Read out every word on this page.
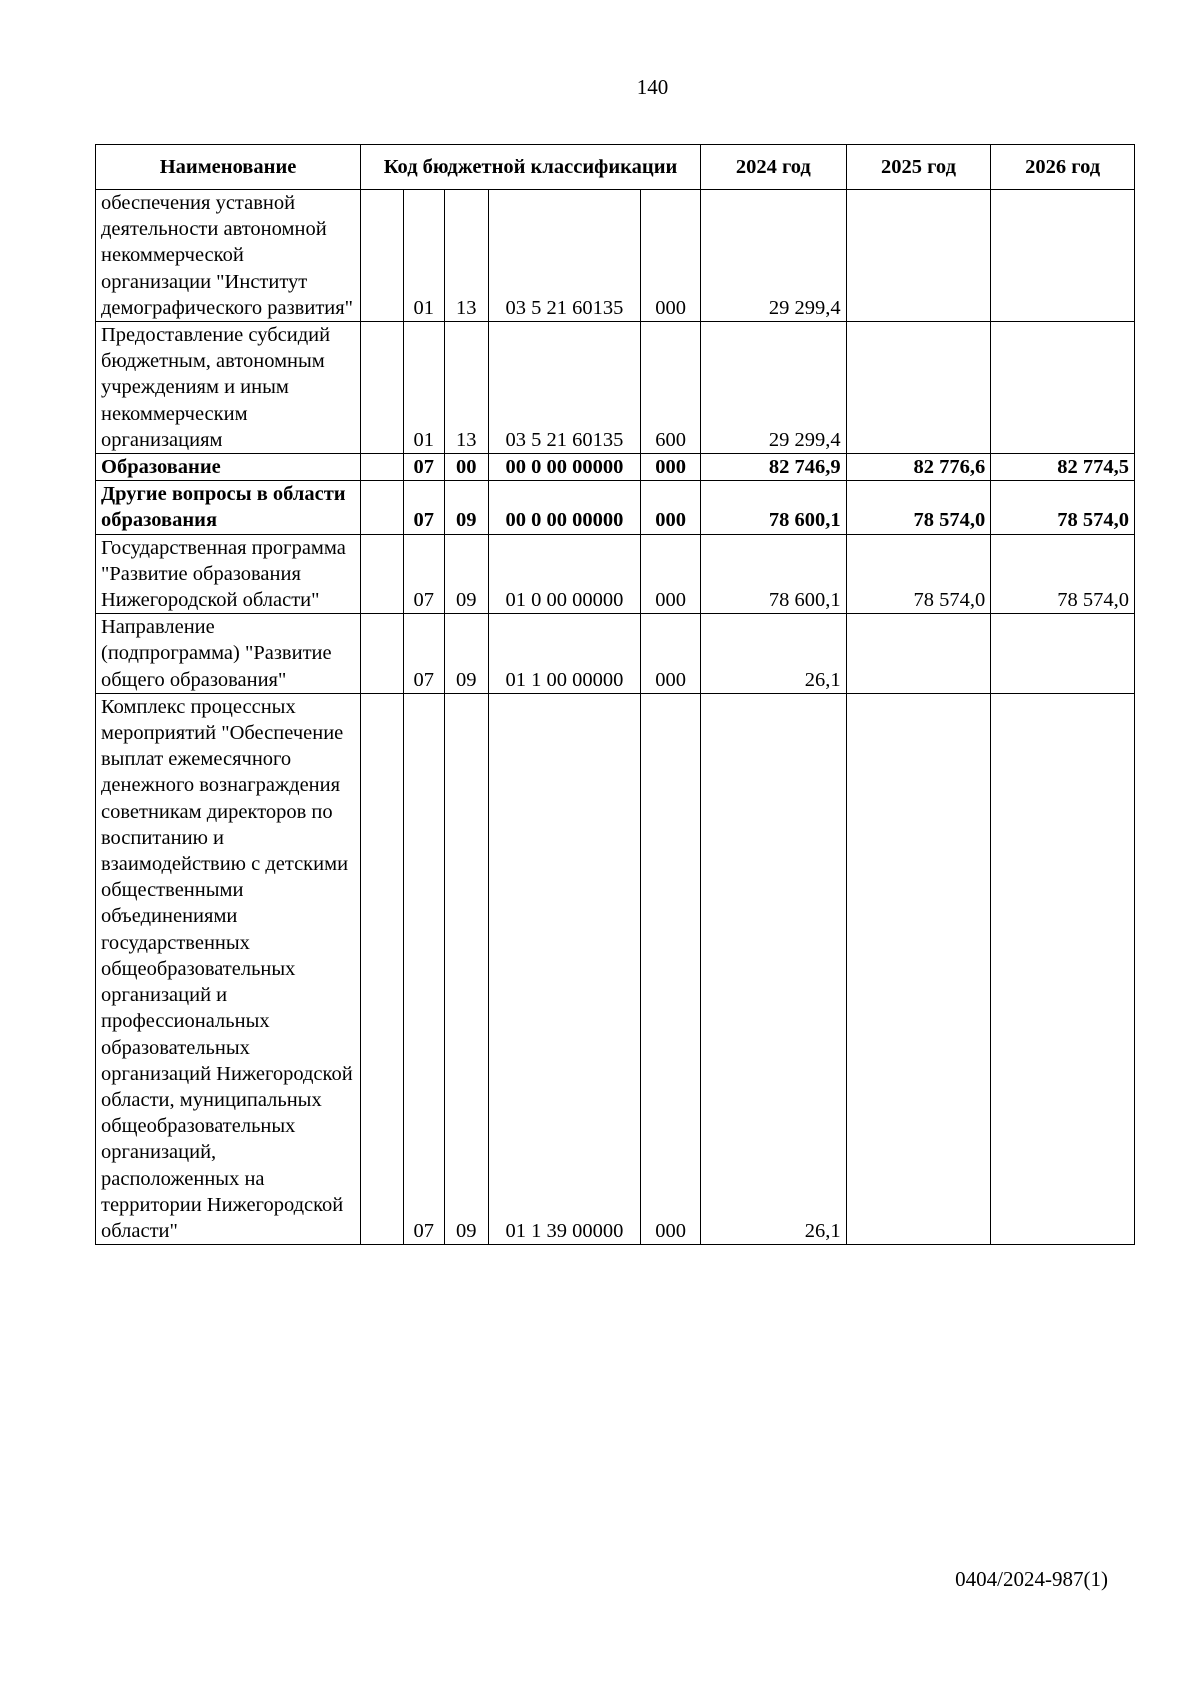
140
Наименование	Код бюджетной классификации					2024 год	2025 год	2026 год
обеспечения уставной деятельности автономной некоммерческой организации "Институт демографического развития"		01	13	03 5 21 60135	000	29 299,4		
Предоставление субсидий бюджетным, автономным учреждениям и иным некоммерческим организациям		01	13	03 5 21 60135	600	29 299,4		
Образование		07	00	00 0 00 00000	000	82 746,9	82 776,6	82 774,5
Другие вопросы в области образования		07	09	00 0 00 00000	000	78 600,1	78 574,0	78 574,0
Государственная программа "Развитие образования Нижегородской области"		07	09	01 0 00 00000	000	78 600,1	78 574,0	78 574,0
Направление (подпрограмма) "Развитие общего образования"		07	09	01 1 00 00000	000	26,1		
Комплекс процессных мероприятий "Обеспечение выплат ежемесячного денежного вознаграждения советникам директоров по воспитанию и взаимодействию с детскими общественными объединениями государственных общеобразовательных организаций и профессиональных образовательных организаций Нижегородской области, муниципальных общеобразовательных организаций, расположенных на территории Нижегородской области"		07	09	01 1 39 00000	000	26,1		
0404/2024-987(1)
